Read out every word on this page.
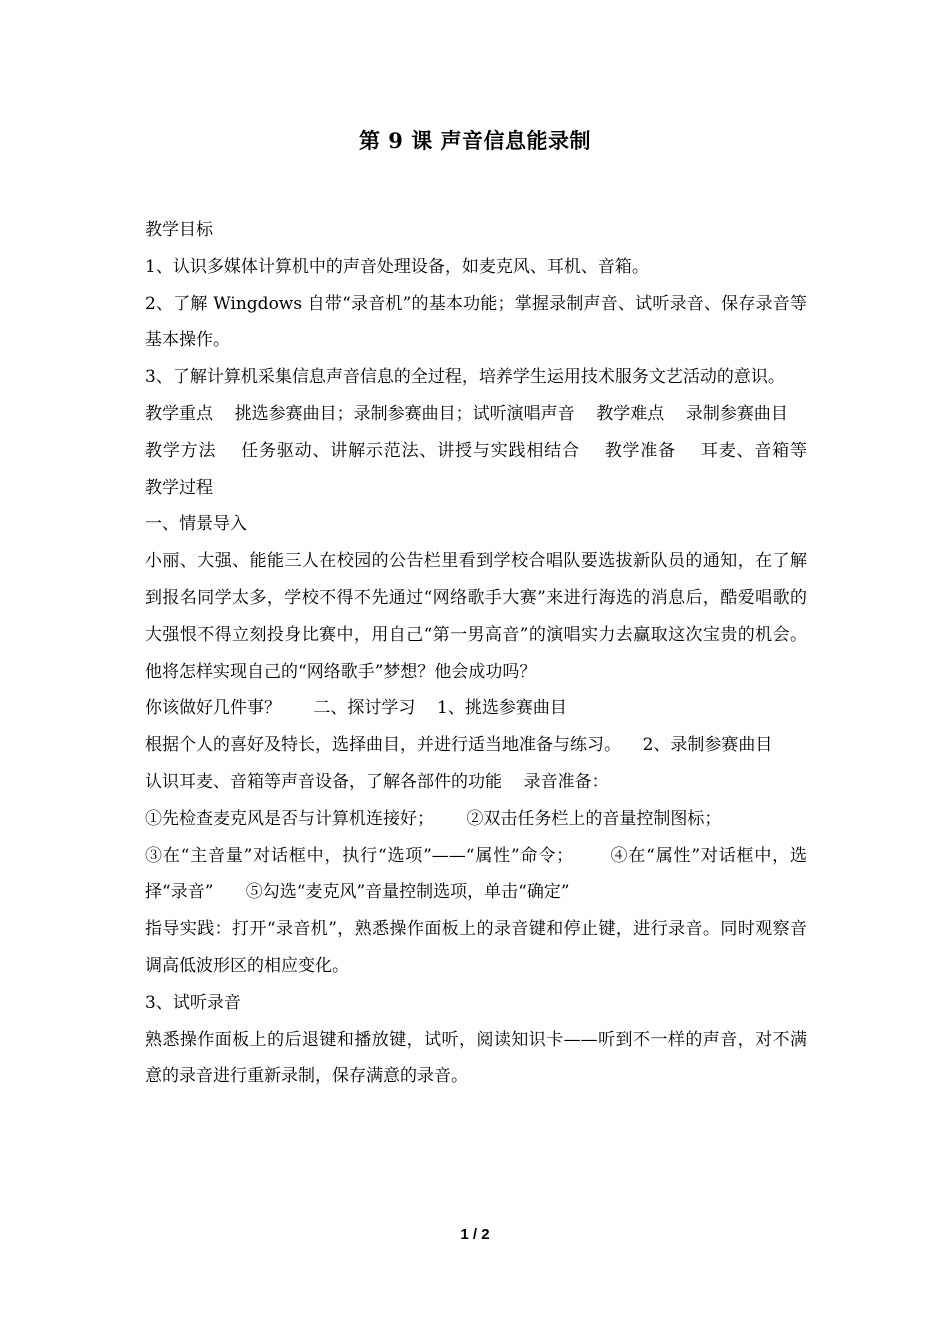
第 9 课 声音信息能录制

教学目标

1、认识多媒体计算机中的声音处理设备，如麦克风、耳机、音箱。

2、了解 Wingdows 自带“录音机”的基本功能；掌握录制声音、试听录音、保存录音等基本操作。

3、了解计算机采集信息声音信息的全过程，培养学生运用技术服务文艺活动的意识。

教学重点    挑选参赛曲目；录制参赛曲目；试听演唱声音    教学难点    录制参赛曲目

教学方法    任务驱动、讲解示范法、讲授与实践相结合    教学准备    耳麦、音箱等    教学过程

一、情景导入

小丽、大强、能能三人在校园的公告栏里看到学校合唱队要选拔新队员的通知，在了解到报名同学太多，学校不得不先通过“网络歌手大赛”来进行海选的消息后，酷爱唱歌的大强恨不得立刻投身比赛中，用自己“第一男高音”的演唱实力去赢取这次宝贵的机会。他将怎样实现自己的“网络歌手”梦想？他会成功吗？

你该做好几件事？      二、探讨学习    1、挑选参赛曲目

根据个人的喜好及特长，选择曲目，并进行适当地准备与练习。    2、录制参赛曲目

认识耳麦、音箱等声音设备，了解各部件的功能    录音准备：

①先检查麦克风是否与计算机连接好；      ②双击任务栏上的音量控制图标；

③在“主音量”对话框中，执行“选项”——“属性”命令；      ④在“属性”对话框中，选择“录音”      ⑤勾选“麦克风”音量控制选项，单击“确定”

指导实践：打开“录音机”，熟悉操作面板上的录音键和停止键，进行录音。同时观察音调高低波形区的相应变化。

3、试听录音

熟悉操作面板上的后退键和播放键，试听，阅读知识卡——听到不一样的声音，对不满意的录音进行重新录制，保存满意的录音。

1 / 2
